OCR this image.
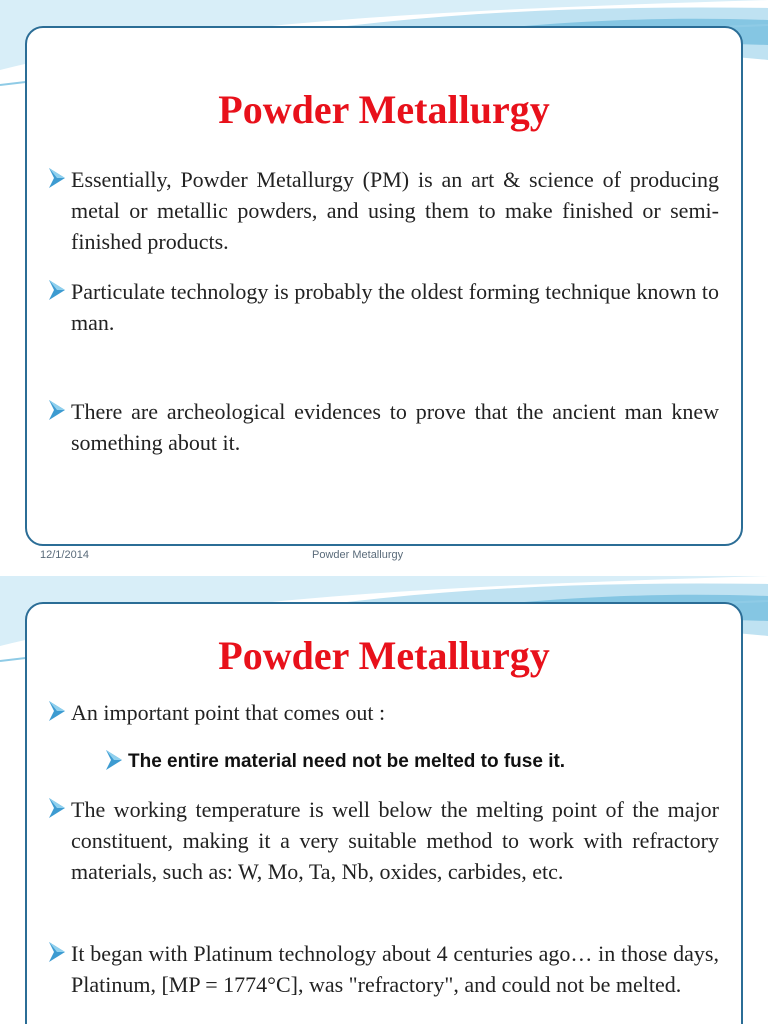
Powder Metallurgy
Essentially, Powder Metallurgy (PM) is an art & science of producing metal or metallic powders, and using them to make finished or semi-finished products.
Particulate technology is probably the oldest forming technique known to man.
There are archeological evidences to prove that the ancient man knew something about it.
12/1/2014	Powder Metallurgy
Powder Metallurgy
An important point that comes out :
The entire material need not be melted to fuse it.
The working temperature is well below the melting point of the major constituent, making it a very suitable method to work with refractory materials, such as: W, Mo, Ta, Nb, oxides, carbides, etc.
It began with Platinum technology about 4 centuries ago… in those days, Platinum, [MP = 1774°C], was "refractory", and could not be melted.
